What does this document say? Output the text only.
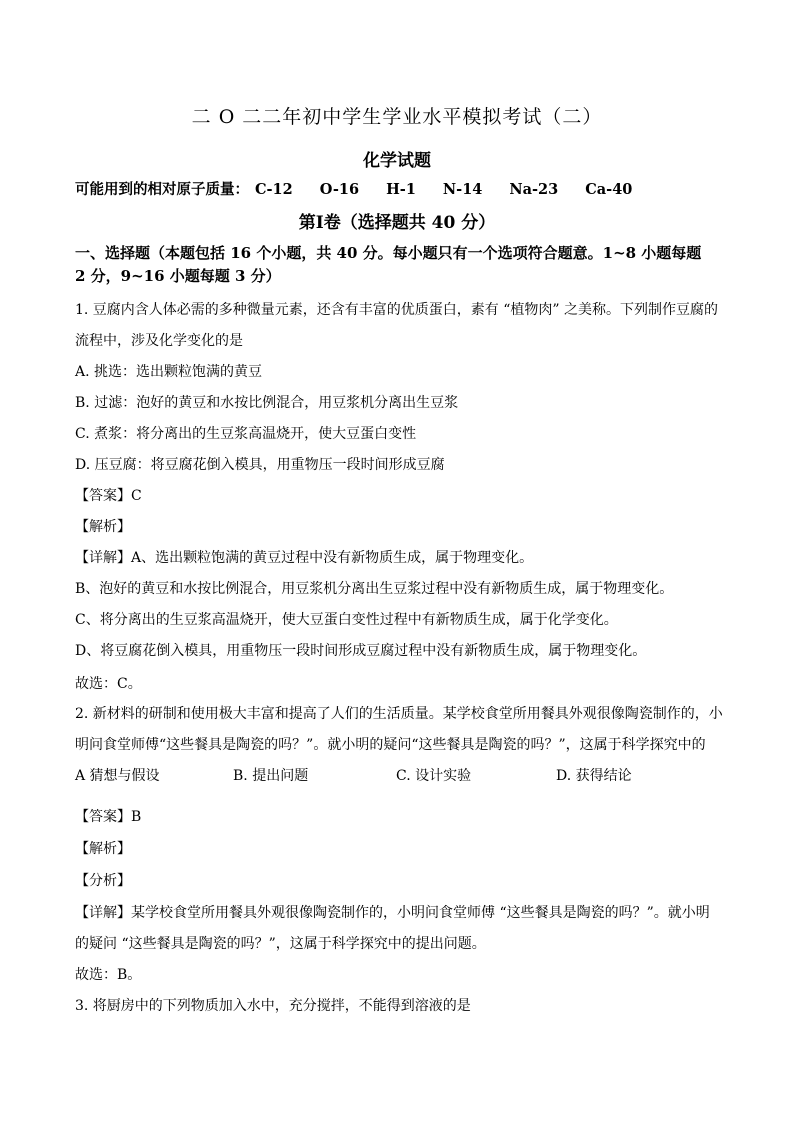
二 O 二二年初中学生学业水平模拟考试（二）
化学试题
可能用到的相对原子质量： C-12 O-16 H-1 N-14 Na-23 Ca-40
第Ⅰ卷（选择题共 40 分）
一、选择题（本题包括 16 个小题，共 40 分。每小题只有一个选项符合题意。1~8 小题每题
2 分，9~16 小题每题 3 分）
1. 豆腐内含人体必需的多种微量元素，还含有丰富的优质蛋白，素有 “植物肉” 之美称。下列制作豆腐的
流程中，涉及化学变化的是
A. 挑选：选出颗粒饱满的黄豆
B. 过滤：泡好的黄豆和水按比例混合，用豆浆机分离出生豆浆
C. 煮浆：将分离出的生豆浆高温烧开，使大豆蛋白变性
D. 压豆腐：将豆腐花倒入模具，用重物压一段时间形成豆腐
【答案】C
【解析】
【详解】A、选出颗粒饱满的黄豆过程中没有新物质生成，属于物理变化。
B、泡好的黄豆和水按比例混合，用豆浆机分离出生豆浆过程中没有新物质生成，属于物理变化。
C、将分离出的生豆浆高温烧开，使大豆蛋白变性过程中有新物质生成，属于化学变化。
D、将豆腐花倒入模具，用重物压一段时间形成豆腐过程中没有新物质生成，属于物理变化。
故选：C。
2. 新材料的研制和使用极大丰富和提高了人们的生活质量。某学校食堂所用餐具外观很像陶瓷制作的，小
明问食堂师傅“这些餐具是陶瓷的吗？”。就小明的疑问“这些餐具是陶瓷的吗？”，这属于科学探究中的
A 猜想与假设	B. 提出问题	C. 设计实验	D. 获得结论
【答案】B
【解析】
【分析】
【详解】某学校食堂所用餐具外观很像陶瓷制作的，小明问食堂师傅 “这些餐具是陶瓷的吗？”。就小明
的疑问 “这些餐具是陶瓷的吗？”，这属于科学探究中的提出问题。
故选：B。
3. 将厨房中的下列物质加入水中，充分搅拌，不能得到溶液的是
